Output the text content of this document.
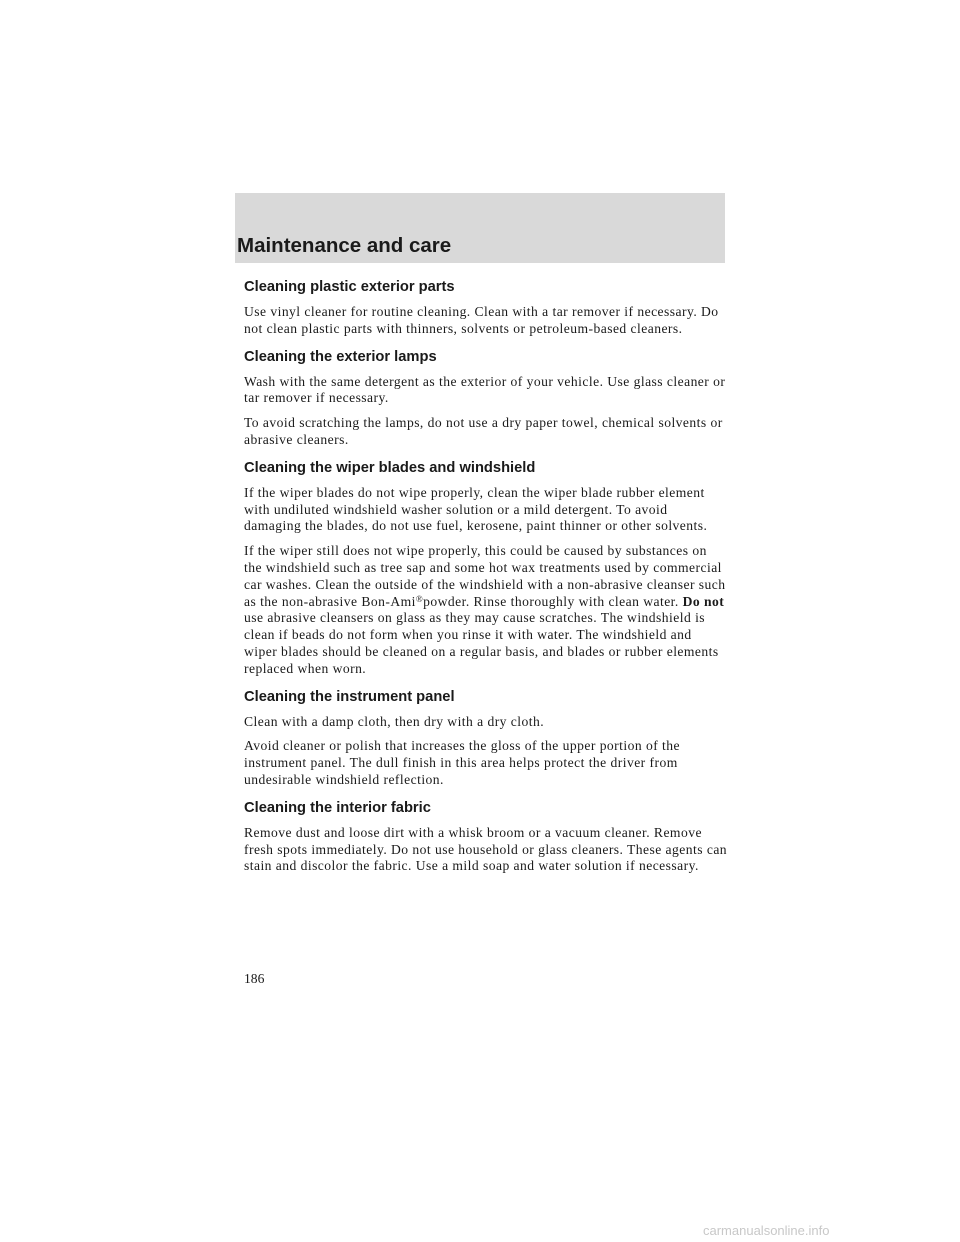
Maintenance and care
Cleaning plastic exterior parts

Use vinyl cleaner for routine cleaning. Clean with a tar remover if necessary. Do not clean plastic parts with thinners, solvents or petroleum-based cleaners.

Cleaning the exterior lamps

Wash with the same detergent as the exterior of your vehicle. Use glass cleaner or tar remover if necessary.

To avoid scratching the lamps, do not use a dry paper towel, chemical solvents or abrasive cleaners.

Cleaning the wiper blades and windshield

If the wiper blades do not wipe properly, clean the wiper blade rubber element with undiluted windshield washer solution or a mild detergent. To avoid damaging the blades, do not use fuel, kerosene, paint thinner or other solvents.

If the wiper still does not wipe properly, this could be caused by substances on the windshield such as tree sap and some hot wax treatments used by commercial car washes. Clean the outside of the windshield with a non-abrasive cleanser such as the non-abrasive Bon-Ami®powder. Rinse thoroughly with clean water. Do not use abrasive cleansers on glass as they may cause scratches. The windshield is clean if beads do not form when you rinse it with water. The windshield and wiper blades should be cleaned on a regular basis, and blades or rubber elements replaced when worn.

Cleaning the instrument panel

Clean with a damp cloth, then dry with a dry cloth.

Avoid cleaner or polish that increases the gloss of the upper portion of the instrument panel. The dull finish in this area helps protect the driver from undesirable windshield reflection.

Cleaning the interior fabric

Remove dust and loose dirt with a whisk broom or a vacuum cleaner. Remove fresh spots immediately. Do not use household or glass cleaners. These agents can stain and discolor the fabric. Use a mild soap and water solution if necessary.

186

carmanualsonline.info
